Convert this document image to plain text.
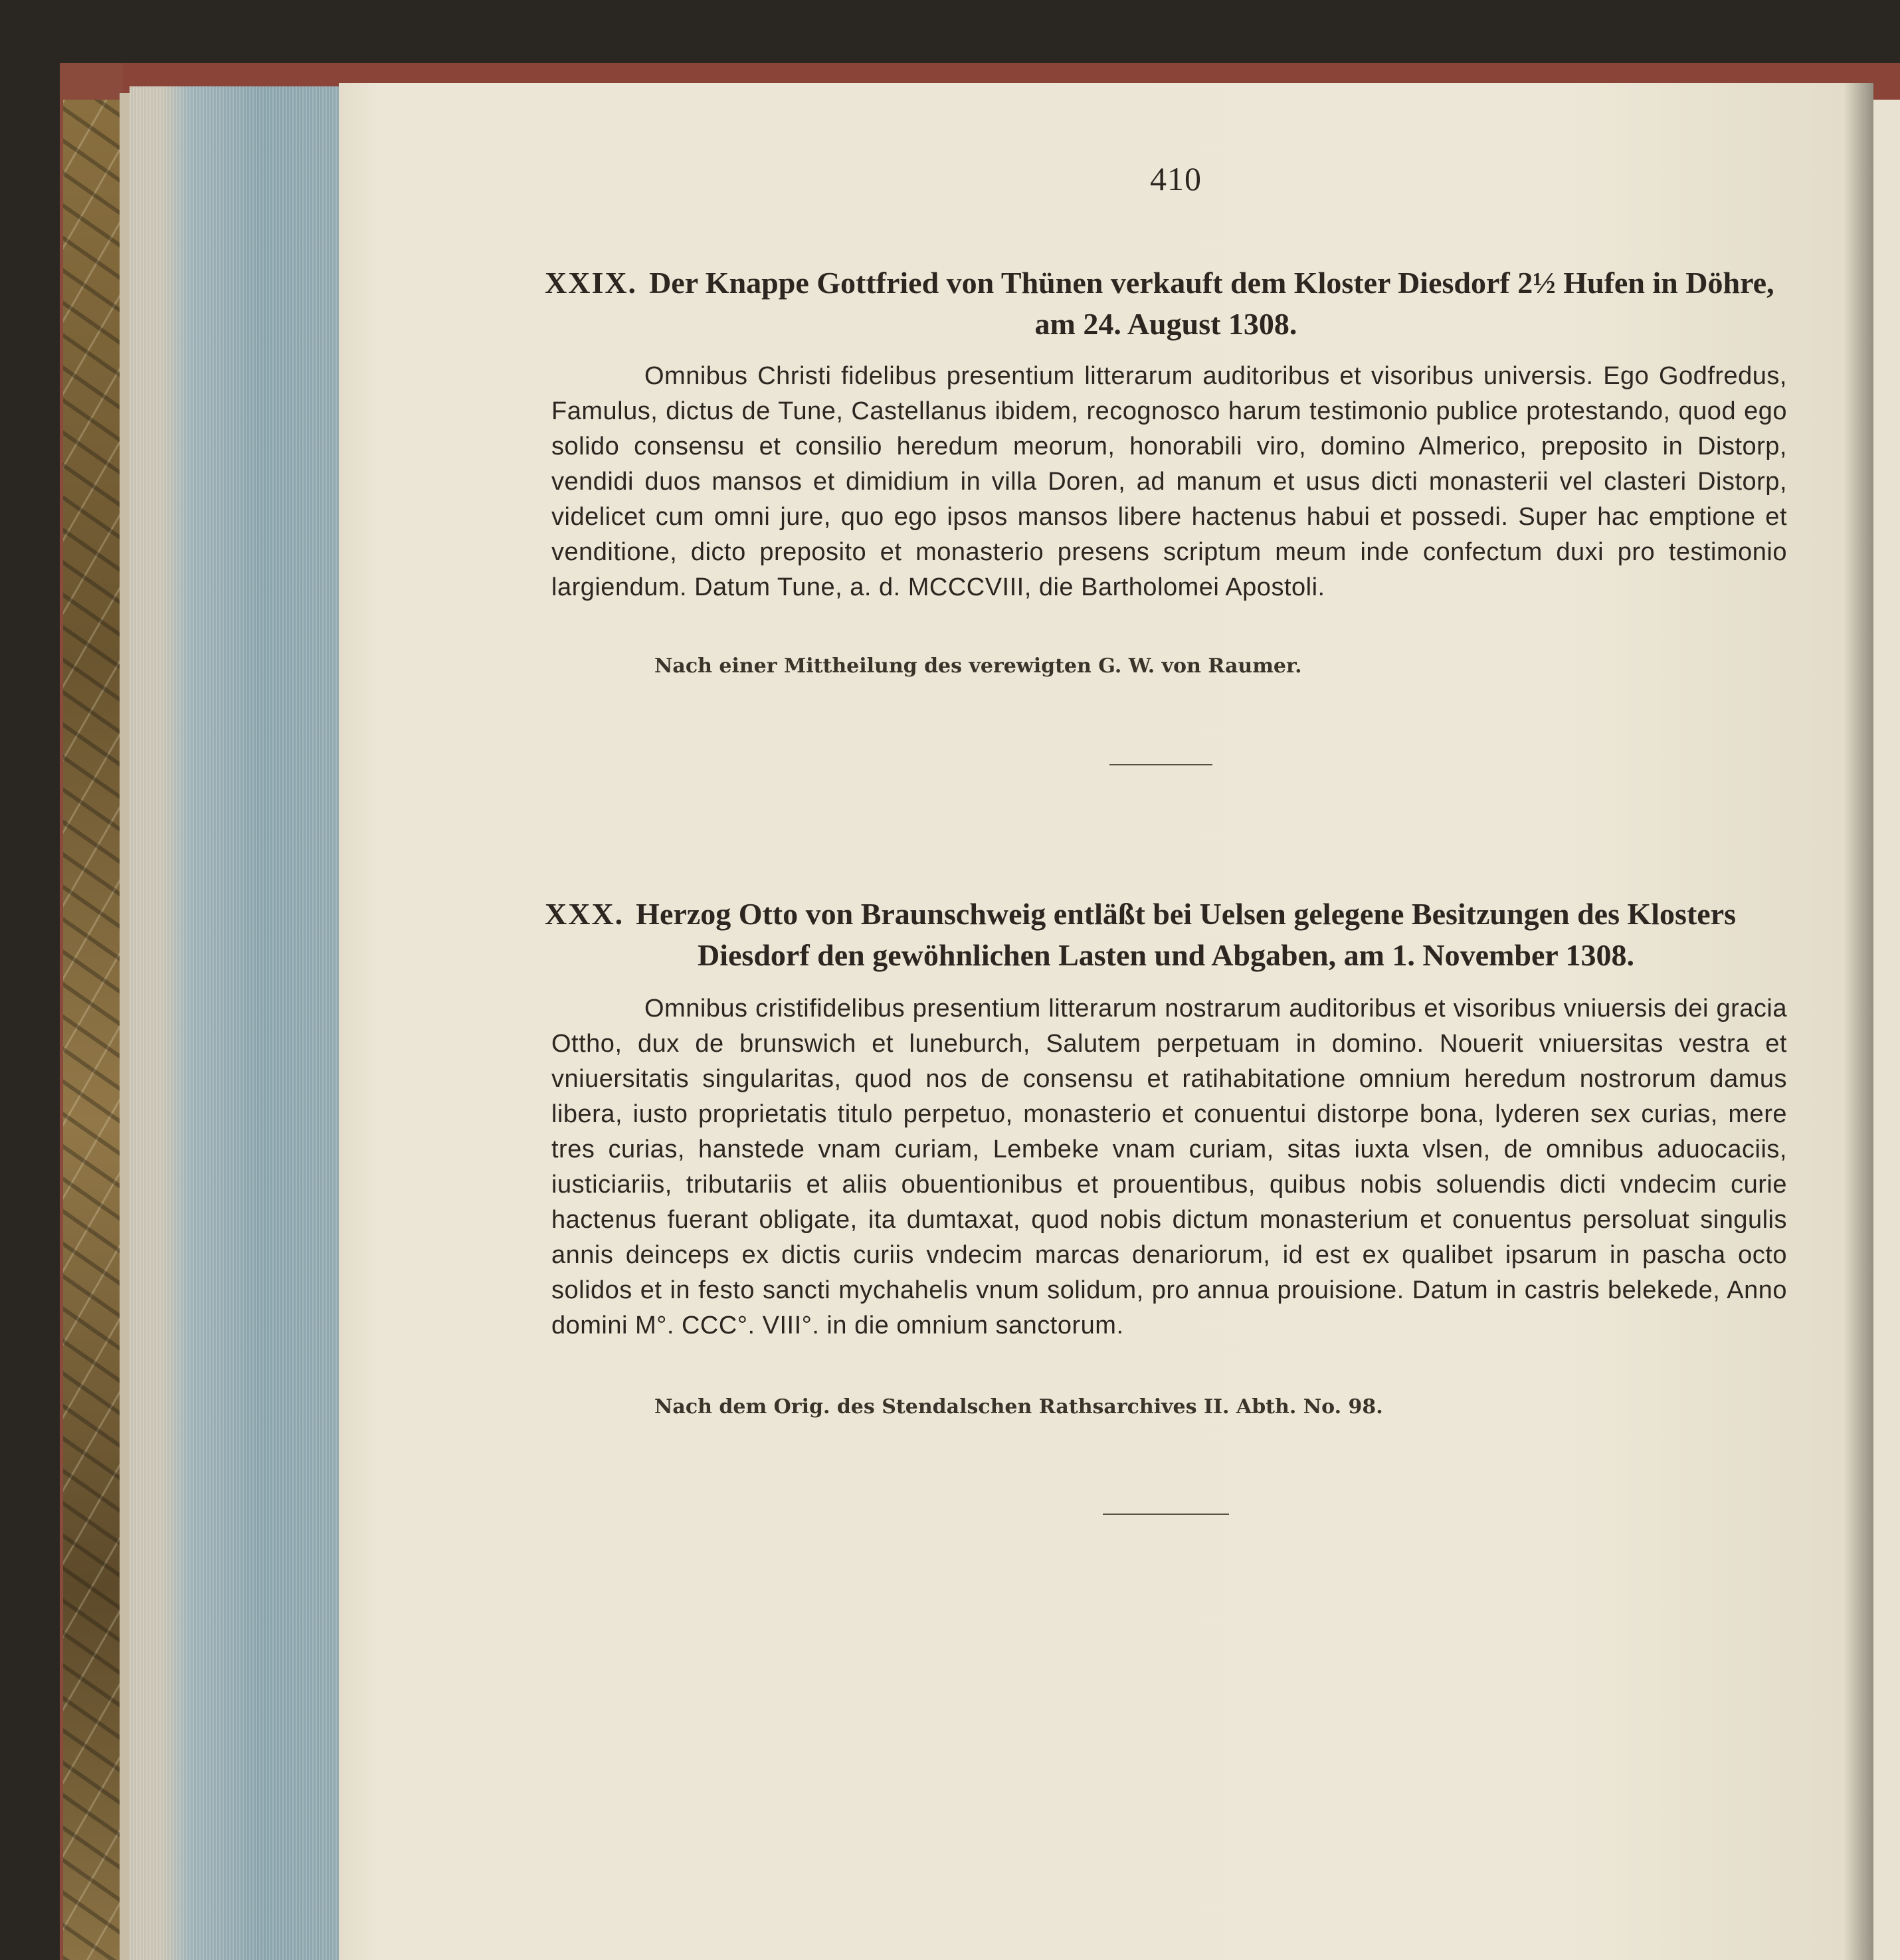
410
XXIX. Der Knappe Gottfried von Thünen verkauft dem Kloster Diesdorf 2½ Hufen in Döhre,
am 24. August 1308.
Omnibus Christi fidelibus presentium litterarum auditoribus et visoribus universis. Ego Godfredus, Famulus, dictus de Tune, Castellanus ibidem, recognosco harum testimonio publice protestando, quod ego solido consensu et consilio heredum meorum, honorabili viro, domino Almerico, preposito in Distorp, vendidi duos mansos et dimidium in villa Doren, ad manum et usus dicti monasterii vel clasteri Distorp, videlicet cum omni jure, quo ego ipsos mansos libere hactenus habui et possedi. Super hac emptione et venditione, dicto preposito et monasterio presens scriptum meum inde confectum duxi pro testimonio largiendum. Datum Tune, a. d. MCCCVIII, die Bartholomei Apostoli.
Nach einer Mittheilung des verewigten G. W. von Raumer.
XXX. Herzog Otto von Braunschweig entläßt bei Uelsen gelegene Besitzungen des Klosters
Diesdorf den gewöhnlichen Lasten und Abgaben, am 1. November 1308.
Omnibus cristifidelibus presentium litterarum nostrarum auditoribus et visoribus vniuersis dei gracia Ottho, dux de brunswich et luneburch, Salutem perpetuam in domino. Nouerit vniuersitas vestra et vniuersitatis singularitas, quod nos de consensu et ratihabitatione omnium heredum nostrorum damus libera, iusto proprietatis titulo perpetuo, monasterio et conuentui distorpe bona, lyderen sex curias, mere tres curias, hanstede vnam curiam, Lembeke vnam curiam, sitas iuxta vlsen, de omnibus aduocaciis, iusticiariis, tributariis et aliis obuentionibus et prouentibus, quibus nobis soluendis dicti vndecim curie hactenus fuerant obligate, ita dumtaxat, quod nobis dictum monasterium et conuentus persoluat singulis annis deinceps ex dictis curiis vndecim marcas denariorum, id est ex qualibet ipsarum in pascha octo solidos et in festo sancti mychahelis vnum solidum, pro annua prouisione. Datum in castris belekede, Anno domini M°. CCC°. VIII°. in die omnium sanctorum.
Nach dem Orig. des Stendalschen Rathsarchives II. Abth. No. 98.
